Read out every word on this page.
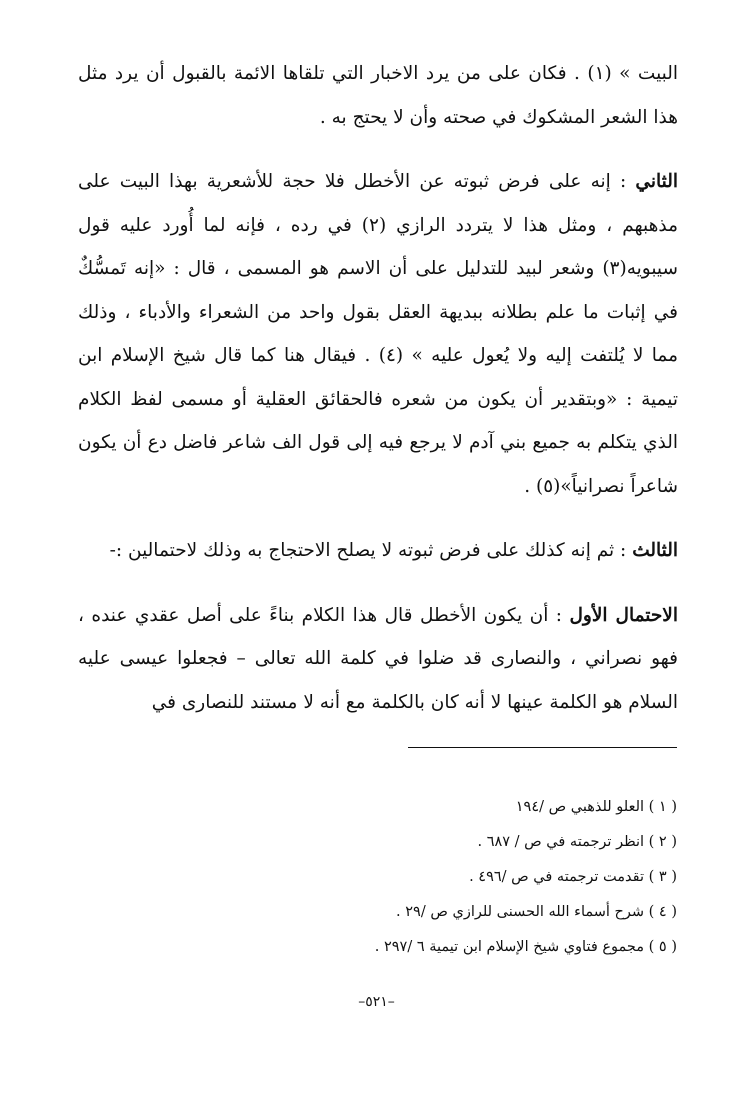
البيت » (١) . فكان على من يرد الاخبار التي تلقاها الائمة بالقبول أن يرد مثل هذا الشعر المشكوك في صحته وأن لا يحتج به .

الثاني : إنه على فرض ثبوته عن الأخطل فلا حجة للأشعرية بهذا البيت على مذهبهم ، ومثل هذا لا يتردد الرازي (٢) في رده ، فإنه لما أُورد عليه قول سيبويه(٣) وشعر لبيد للتدليل على أن الاسم هو المسمى ، قال : «إنه تَمسُّكٌ في إثبات ما علم بطلانه ببديهة العقل بقول واحد من الشعراء والأدباء ، وذلك مما لا يُلتفت إليه ولا يُعول عليه » (٤) . فيقال هنا كما قال شيخ الإسلام ابن تيمية : «وبتقدير أن يكون من شعره فالحقائق العقلية أو مسمى لفظ الكلام الذي يتكلم به جميع بني آدم لا يرجع فيه إلى قول الف شاعر فاضل دع أن يكون شاعراً نصرانياً»(٥) .

الثالث : ثم إنه كذلك على فرض ثبوته لا يصلح الاحتجاج به وذلك لاحتمالين :-

الاحتمال الأول : أن يكون الأخطل قال هذا الكلام بناءً على أصل عقدي عنده ، فهو نصراني ، والنصارى قد ضلوا في كلمة الله تعالى – فجعلوا عيسى عليه السلام هو الكلمة عينها لا أنه كان بالكلمة مع أنه لا مستند للنصارى في

( ١ ) العلو للذهبي ص /١٩٤

( ٢ ) انظر ترجمته في ص / ٦٨٧ .

( ٣ ) تقدمت ترجمته في ص /٤٩٦ .

( ٤ ) شرح أسماء الله الحسنى للرازي ص /٢٩ .

( ٥ ) مجموع فتاوي شيخ الإسلام ابن تيمية ٦ /٢٩٧ .

–٥٢١–
